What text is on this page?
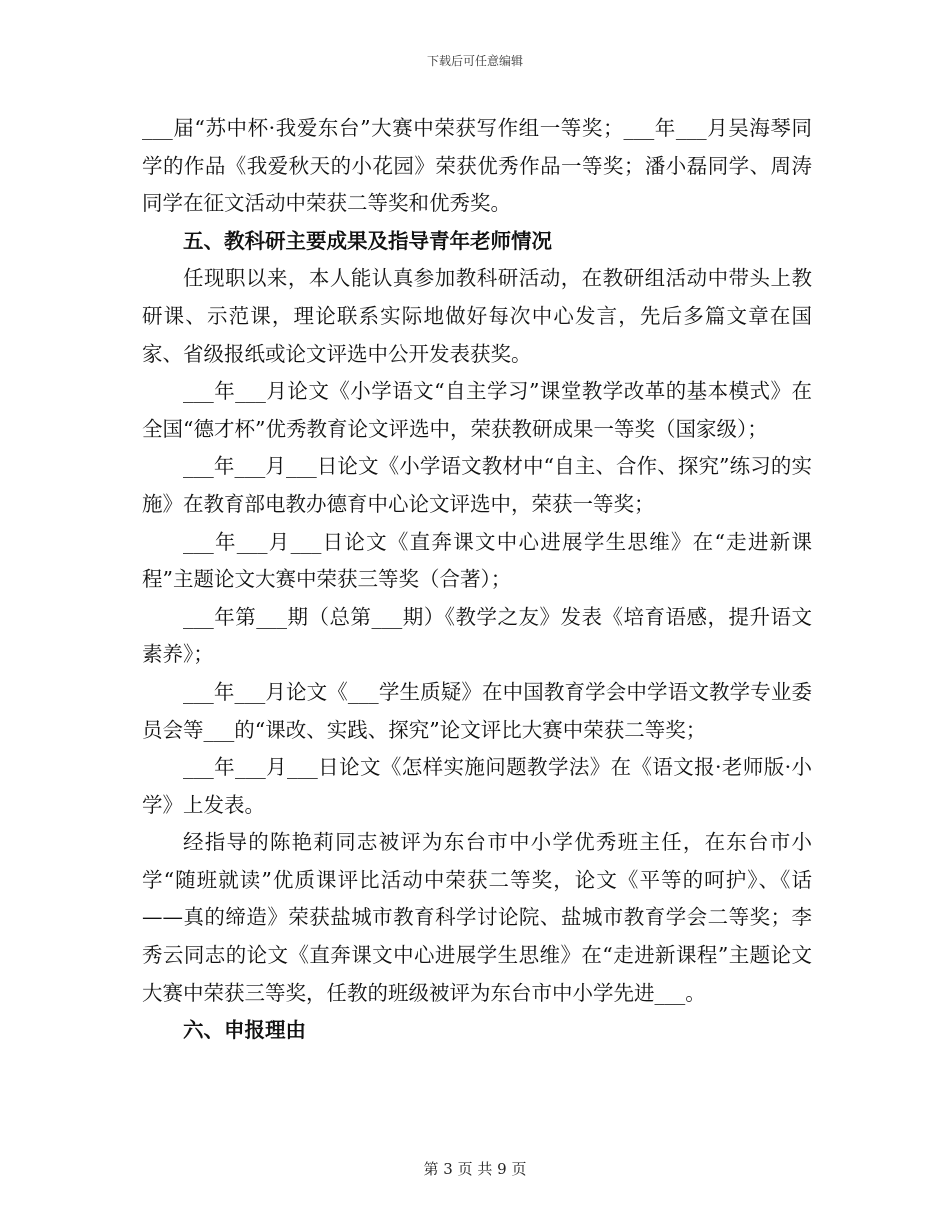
下载后可任意编辑

___届“苏中杯·我爱东台”大赛中荣获写作组一等奖；___年___月吴海琴同学的作品《我爱秋天的小花园》荣获优秀作品一等奖；潘小磊同学、周涛同学在征文活动中荣获二等奖和优秀奖。

五、教科研主要成果及指导青年老师情况

任现职以来，本人能认真参加教科研活动，在教研组活动中带头上教研课、示范课，理论联系实际地做好每次中心发言，先后多篇文章在国家、省级报纸或论文评选中公开发表获奖。

___年___月论文《小学语文“自主学习”课堂教学改革的基本模式》在全国“德才杯”优秀教育论文评选中，荣获教研成果一等奖（国家级）；

___年___月___日论文《小学语文教材中“自主、合作、探究”练习的实施》在教育部电教办德育中心论文评选中，荣获一等奖；

___年___月___日论文《直奔课文中心进展学生思维》在“走进新课程”主题论文大赛中荣获三等奖（合著）；

___年第___期（总第___期）《教学之友》发表《培育语感，提升语文素养》；

___年___月论文《___学生质疑》在中国教育学会中学语文教学专业委员会等___的“课改、实践、探究”论文评比大赛中荣获二等奖；

___年___月___日论文《怎样实施问题教学法》在《语文报·老师版·小学》上发表。

经指导的陈艳莉同志被评为东台市中小学优秀班主任，在东台市小学“随班就读”优质课评比活动中荣获二等奖，论文《平等的呵护》、《话——真的缔造》荣获盐城市教育科学讨论院、盐城市教育学会二等奖；李秀云同志的论文《直奔课文中心进展学生思维》在“走进新课程”主题论文大赛中荣获三等奖，任教的班级被评为东台市中小学先进___。

六、申报理由
第 3 页 共 9 页
